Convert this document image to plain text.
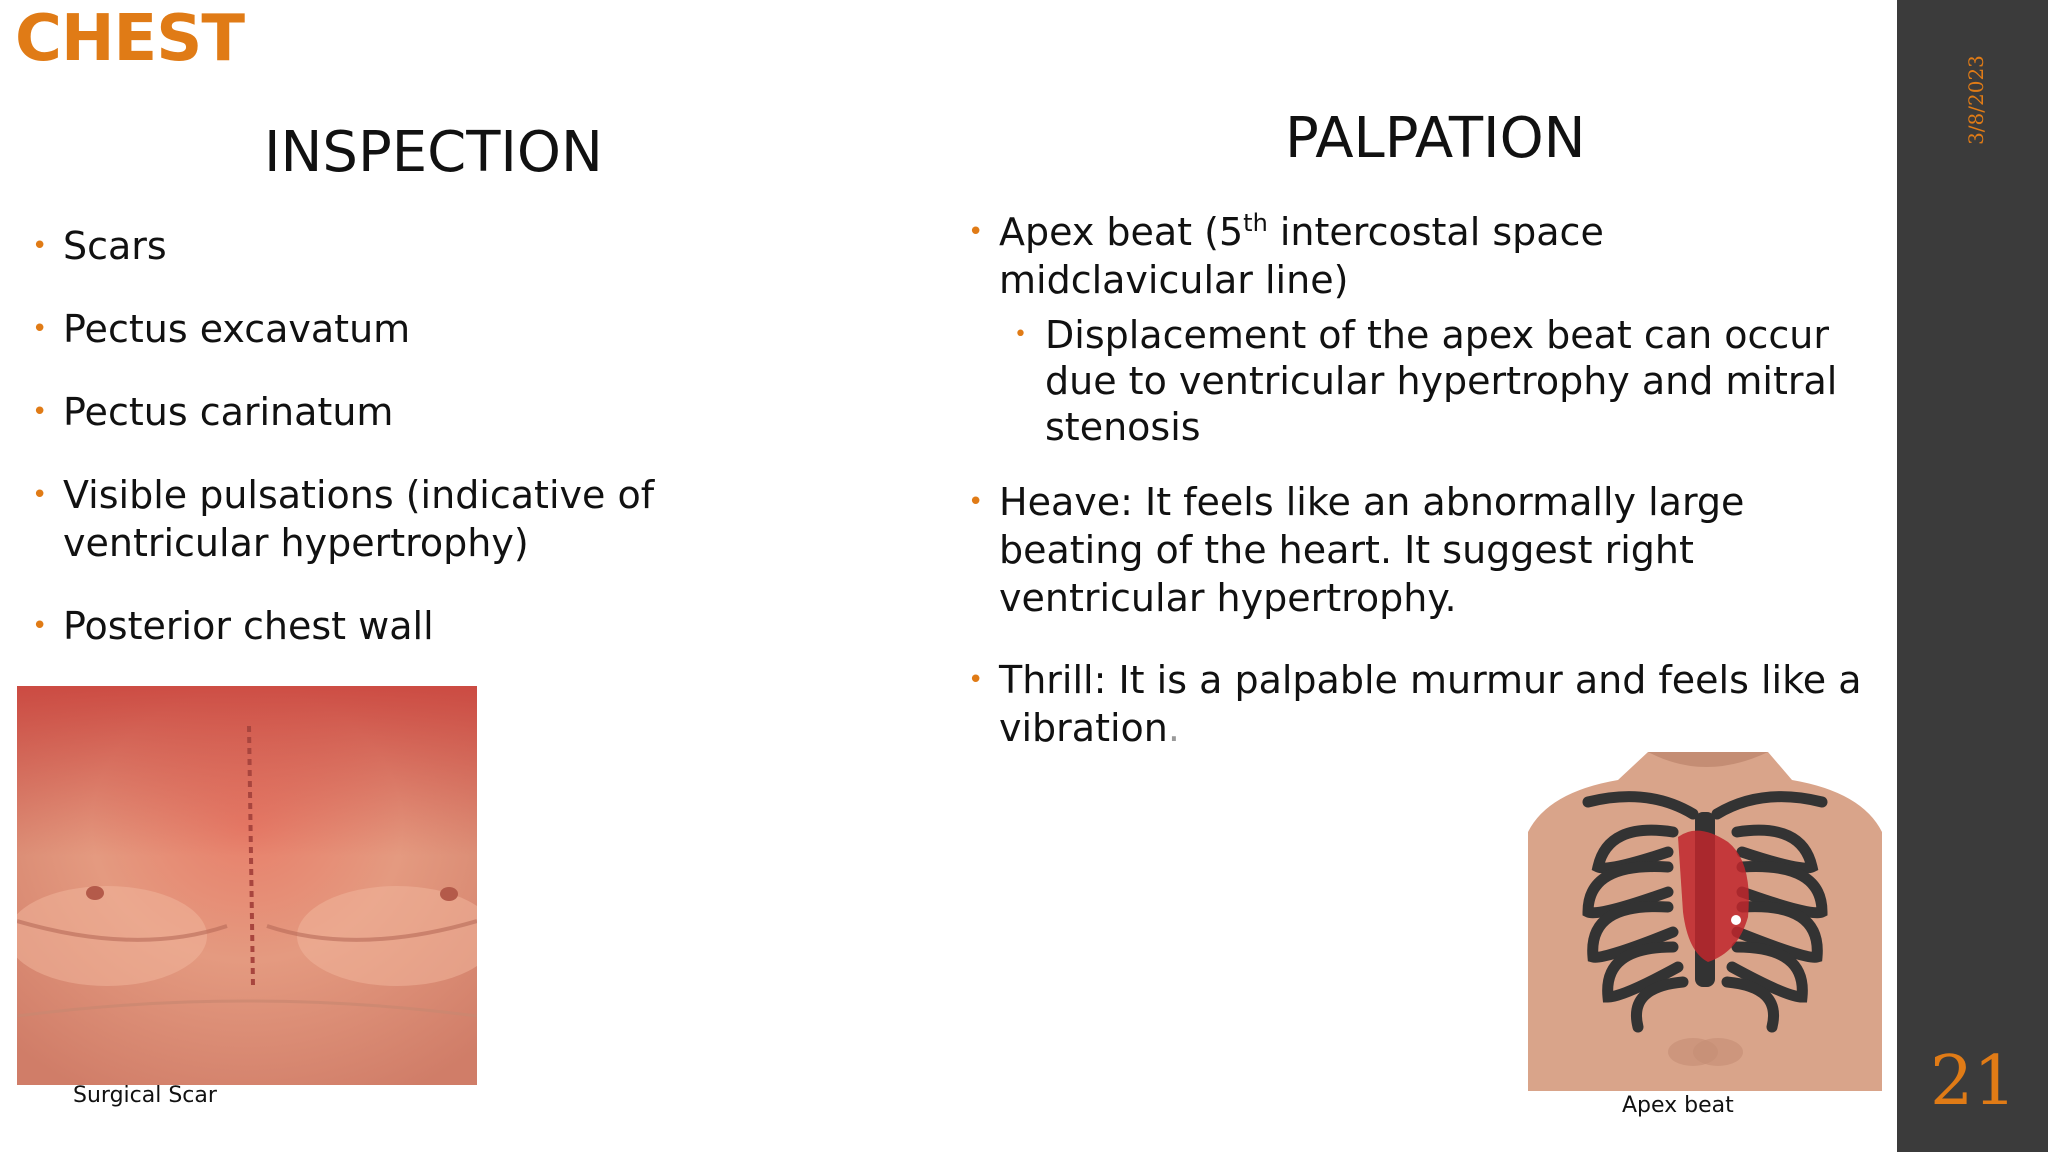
CHEST
INSPECTION
• Scars
• Pectus excavatum
• Pectus carinatum
• Visible pulsations (indicative of ventricular hypertrophy)
• Posterior chest wall
Surgical Scar
PALPATION
• Apex beat (5th intercostal space midclavicular line)
• Displacement of the apex beat can occur due to ventricular hypertrophy and mitral stenosis
• Heave: It feels like an abnormally large beating of the heart. It suggest right ventricular hypertrophy.
• Thrill: It is a palpable murmur and feels like a vibration.
Apex beat
3/8/2023
21
